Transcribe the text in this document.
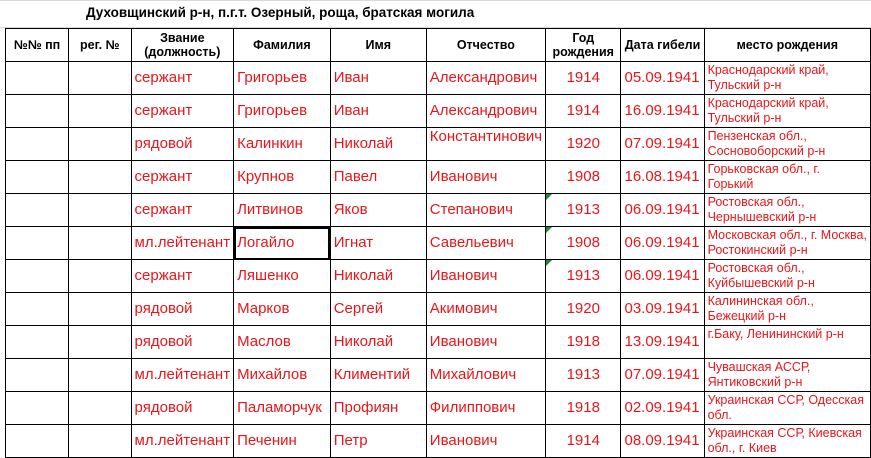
Духовщинский р-н, п.г.т. Озерный, роща, братская могила
№№ пп	рег. №	Звание (должность)	Фамилия	Имя	Отчество	Год рождения	Дата гибели	место рождения
		сержант	Григорьев	Иван	Александрович	1914	05.09.1941	Краснодарский край, Тульский р-н
		сержант	Григорьев	Иван	Александрович	1914	16.09.1941	Краснодарский край, Тульский р-н
		рядовой	Калинкин	Николай	Константинович	1920	07.09.1941	Пензенская обл., Сосновоборский р-н
		сержант	Крупнов	Павел	Иванович	1908	16.08.1941	Горьковская обл., г. Горький
		сержант	Литвинов	Яков	Степанович	1913	06.09.1941	Ростовская обл., Чернышевский р-н
		мл.лейтенант	Логайло	Игнат	Савельевич	1908	06.09.1941	Московская обл., г. Москва, Ростокинский р-н
		сержант	Ляшенко	Николай	Иванович	1913	06.09.1941	Ростовская обл., Куйбышевский р-н
		рядовой	Марков	Сергей	Акимович	1920	03.09.1941	Калининская обл., Бежецкий р-н
		рядовой	Маслов	Николай	Иванович	1918	13.09.1941	г.Баку, Ленининский р-н
		мл.лейтенант	Михайлов	Климентий	Михайлович	1913	07.09.1941	Чувашская АССР, Янтиковский р-н
		рядовой	Паламорчук	Профиян	Филиппович	1918	02.09.1941	Украинская ССР, Одесская обл.
		мл.лейтенант	Печенин	Петр	Иванович	1914	08.09.1941	Украинская ССР, Киевская обл., г. Киев
